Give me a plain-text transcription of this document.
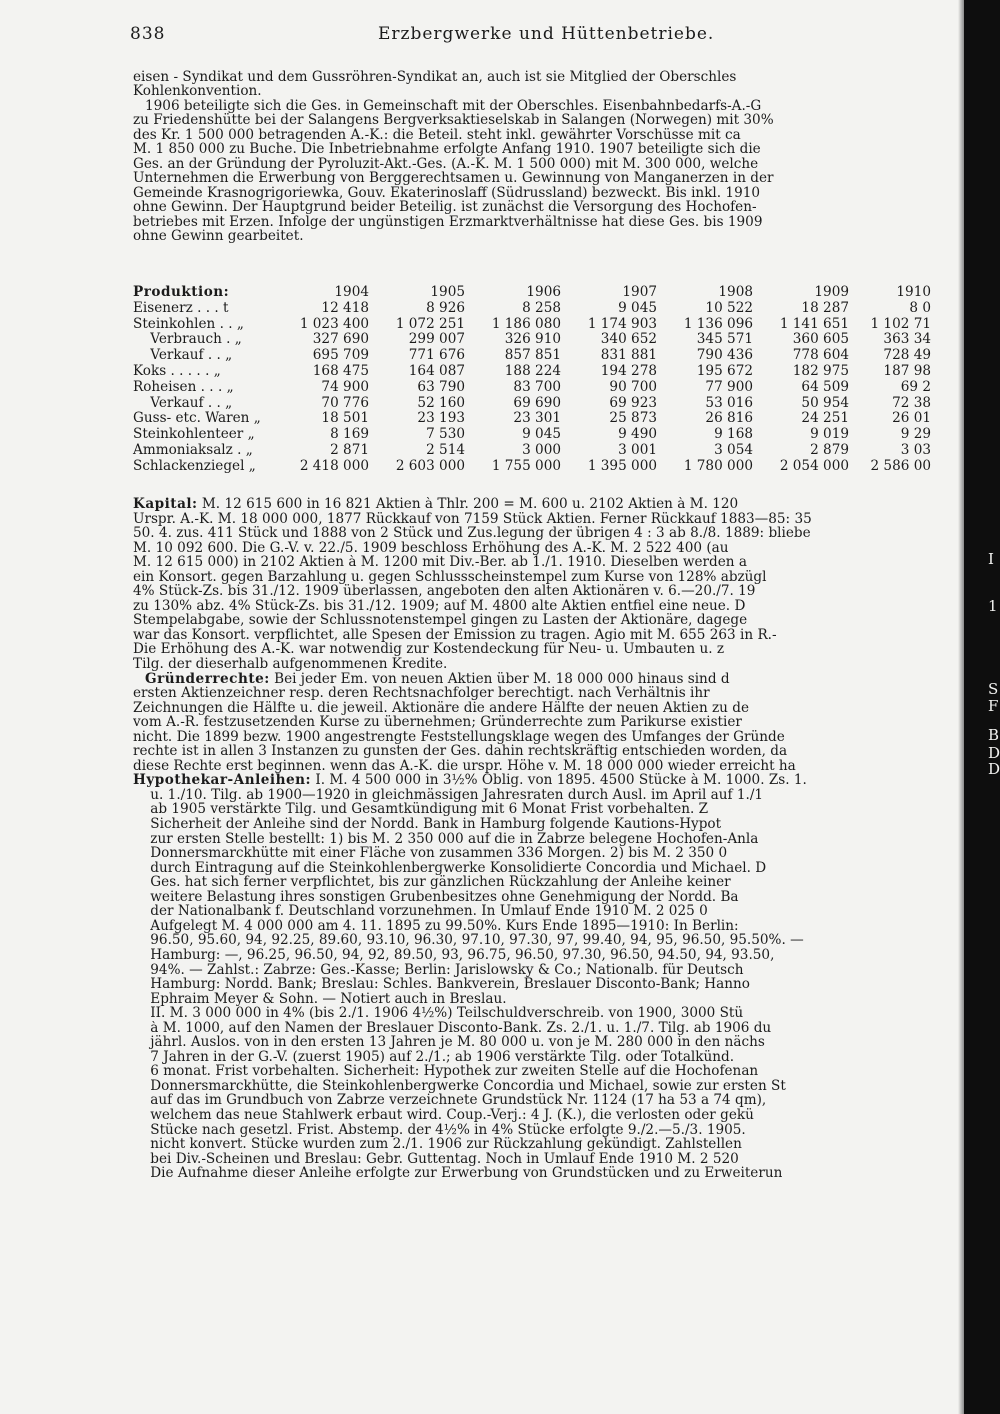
838	Erzbergwerke und Hüttenbetriebe.

eisen - Syndikat und dem Gussröhren-Syndikat an, auch ist sie Mitglied der Oberschles

Kohlenkonvention.

1906 beteiligte sich die Ges. in Gemeinschaft mit der Oberschles. Eisenbahnbedarfs-A.-G

zu Friedenshütte bei der Salangens Bergverksaktieselskab in Salangen (Norwegen) mit 30%

des Kr. 1 500 000 betragenden A.-K.: die Beteil. steht inkl. gewährter Vorschüsse mit ca

M. 1 850 000 zu Buche. Die Inbetriebnahme erfolgte Anfang 1910. 1907 beteiligte sich die

Ges. an der Gründung der Pyroluzit-Akt.-Ges. (A.-K. M. 1 500 000) mit M. 300 000, welche

Unternehmen die Erwerbung von Berggerechtsamen u. Gewinnung von Manganerzen in der

Gemeinde Krasnogrigoriewka, Gouv. Ekaterinoslaff (Südrussland) bezweckt. Bis inkl. 1910

ohne Gewinn. Der Hauptgrund beider Beteilig. ist zunächst die Versorgung des Hochofen-

betriebes mit Erzen. Infolge der ungünstigen Erzmarktverhältnisse hat diese Ges. bis 1909

ohne Gewinn gearbeitet.

Produktion:	1904	1905	1906	1907	1908	1909	1910
Eisenerz . . . t	12 418	8 926	8 258	9 045	10 522	18 287	8 0
Steinkohlen . . „	1 023 400	1 072 251	1 186 080	1 174 903	1 136 096	1 141 651	1 102 71
Verbrauch . „	327 690	299 007	326 910	340 652	345 571	360 605	363 34
Verkauf . . „	695 709	771 676	857 851	831 881	790 436	778 604	728 49
Koks . . . . . „	168 475	164 087	188 224	194 278	195 672	182 975	187 98
Roheisen . . . „	74 900	63 790	83 700	90 700	77 900	64 509	69 2
Verkauf . . „	70 776	52 160	69 690	69 923	53 016	50 954	72 38
Guss- etc. Waren „	18 501	23 193	23 301	25 873	26 816	24 251	26 01
Steinkohlenteer „	8 169	7 530	9 045	9 490	9 168	9 019	9 29
Ammoniaksalz . „	2 871	2 514	3 000	3 001	3 054	2 879	3 03
Schlackenziegel „	2 418 000	2 603 000	1 755 000	1 395 000	1 780 000	2 054 000	2 586 00

Kapital: M. 12 615 600 in 16 821 Aktien à Thlr. 200 = M. 600 u. 2102 Aktien à M. 120

Urspr. A.-K. M. 18 000 000, 1877 Rückkauf von 7159 Stück Aktien. Ferner Rückkauf 1883—85: 35

50. 4. zus. 411 Stück und 1888 von 2 Stück und Zus.legung der übrigen 4 : 3 ab 8./8. 1889: bliebe

M. 10 092 600. Die G.-V. v. 22./5. 1909 beschloss Erhöhung des A.-K. M. 2 522 400 (au

M. 12 615 000) in 2102 Aktien à M. 1200 mit Div.-Ber. ab 1./1. 1910. Dieselben werden a

ein Konsort. gegen Barzahlung u. gegen Schlussscheinstempel zum Kurse von 128% abzügl

4% Stück-Zs. bis 31./12. 1909 überlassen, angeboten den alten Aktionären v. 6.—20./7. 19

zu 130% abz. 4% Stück-Zs. bis 31./12. 1909; auf M. 4800 alte Aktien entfiel eine neue. D

Stempelabgabe, sowie der Schlussnotenstempel gingen zu Lasten der Aktionäre, dagege

war das Konsort. verpflichtet, alle Spesen der Emission zu tragen. Agio mit M. 655 263 in R.-

Die Erhöhung des A.-K. war notwendig zur Kostendeckung für Neu- u. Umbauten u. z

Tilg. der dieserhalb aufgenommenen Kredite.

Gründerrechte: Bei jeder Em. von neuen Aktien über M. 18 000 000 hinaus sind d

ersten Aktienzeichner resp. deren Rechtsnachfolger berechtigt. nach Verhältnis ihr

Zeichnungen die Hälfte u. die jeweil. Aktionäre die andere Hälfte der neuen Aktien zu de

vom A.-R. festzusetzenden Kurse zu übernehmen; Gründerrechte zum Parikurse existier

nicht. Die 1899 bezw. 1900 angestrengte Feststellungsklage wegen des Umfanges der Gründe

rechte ist in allen 3 Instanzen zu gunsten der Ges. dahin rechtskräftig entschieden worden, da

diese Rechte erst beginnen. wenn das A.-K. die urspr. Höhe v. M. 18 000 000 wieder erreicht ha

Hypothekar-Anleihen: I. M. 4 500 000 in 3½% Oblig. von 1895. 4500 Stücke à M. 1000. Zs. 1.

u. 1./10. Tilg. ab 1900—1920 in gleichmässigen Jahresraten durch Ausl. im April auf 1./1

ab 1905 verstärkte Tilg. und Gesamtkündigung mit 6 Monat Frist vorbehalten. Z

Sicherheit der Anleihe sind der Nordd. Bank in Hamburg folgende Kautions-Hypot

zur ersten Stelle bestellt: 1) bis M. 2 350 000 auf die in Zabrze belegene Hochofen-Anla

Donnersmarckhütte mit einer Fläche von zusammen 336 Morgen. 2) bis M. 2 350 0

durch Eintragung auf die Steinkohlenbergwerke Konsolidierte Concordia und Michael. D

Ges. hat sich ferner verpflichtet, bis zur gänzlichen Rückzahlung der Anleihe keiner

weitere Belastung ihres sonstigen Grubenbesitzes ohne Genehmigung der Nordd. Ba

der Nationalbank f. Deutschland vorzunehmen. In Umlauf Ende 1910 M. 2 025 0

Aufgelegt M. 4 000 000 am 4. 11. 1895 zu 99.50%. Kurs Ende 1895—1910: In Berlin:

96.50, 95.60, 94, 92.25, 89.60, 93.10, 96.30, 97.10, 97.30, 97, 99.40, 94, 95, 96.50, 95.50%. —

Hamburg: —, 96.25, 96.50, 94, 92, 89.50, 93, 96.75, 96.50, 97.30, 96.50, 94.50, 94, 93.50,

94%. — Zahlst.: Zabrze: Ges.-Kasse; Berlin: Jarislowsky & Co.; Nationalb. für Deutsch

Hamburg: Nordd. Bank; Breslau: Schles. Bankverein, Breslauer Disconto-Bank; Hanno

Ephraim Meyer & Sohn. — Notiert auch in Breslau.

II. M. 3 000 000 in 4% (bis 2./1. 1906 4½%) Teilschuldverschreib. von 1900, 3000 Stü

à M. 1000, auf den Namen der Breslauer Disconto-Bank. Zs. 2./1. u. 1./7. Tilg. ab 1906 du

jährl. Auslos. von in den ersten 13 Jahren je M. 80 000 u. von je M. 280 000 in den nächs

7 Jahren in der G.-V. (zuerst 1905) auf 2./1.; ab 1906 verstärkte Tilg. oder Totalkünd.

6 monat. Frist vorbehalten. Sicherheit: Hypothek zur zweiten Stelle auf die Hochofenan

Donnersmarckhütte, die Steinkohlenbergwerke Concordia und Michael, sowie zur ersten St

auf das im Grundbuch von Zabrze verzeichnete Grundstück Nr. 1124 (17 ha 53 a 74 qm),

welchem das neue Stahlwerk erbaut wird. Coup.-Verj.: 4 J. (K.), die verlosten oder gekü

Stücke nach gesetzl. Frist. Abstemp. der 4½% in 4% Stücke erfolgte 9./2.—5./3. 1905.

nicht konvert. Stücke wurden zum 2./1. 1906 zur Rückzahlung gekündigt. Zahlstellen

bei Div.-Scheinen und Breslau: Gebr. Guttentag. Noch in Umlauf Ende 1910 M. 2 520

Die Aufnahme dieser Anleihe erfolgte zur Erwerbung von Grundstücken und zu Erweiterun

I
1
S
F
B
D
D
